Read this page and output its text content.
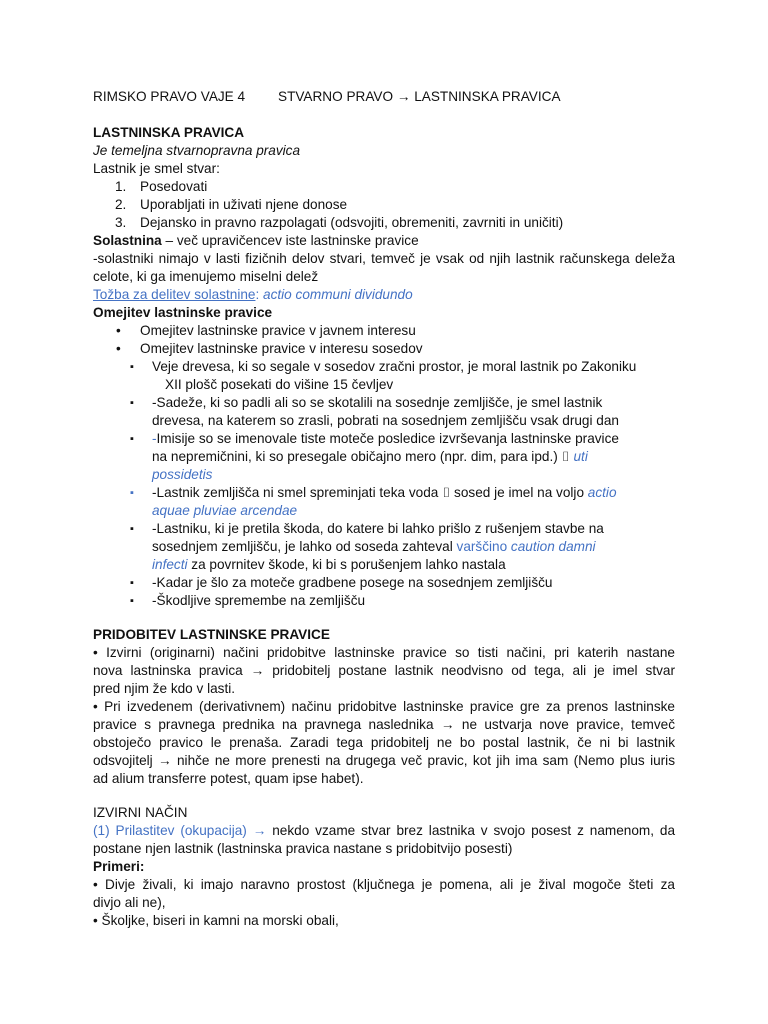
RIMSKO PRAVO VAJE 4 STVARNO PRAVO → LASTNINSKA PRAVICA
LASTNINSKA PRAVICA
Je temeljna stvarnopravna pravica
Lastnik je smel stvar:
1. Posedovati
2. Uporabljati in uživati njene donose
3. Dejansko in pravno razpolagati (odsvojiti, obremeniti, zavrniti in uničiti)
Solastnina – več upravičencev iste lastninske pravice
-solastniki nimajo v lasti fizičnih delov stvari, temveč je vsak od njih lastnik računskega deleža
celote, ki ga imenujemo miselni delež
Tožba za delitev solastnine: actio communi dividundo
Omejitev lastninske pravice
• Omejitev lastninske pravice v javnem interesu
• Omejitev lastninske pravice v interesu sosedov
▪ Veje drevesa, ki so segale v sosedov zračni prostor, je moral lastnik po Zakoniku
XII plošč posekati do višine 15 čevljev
▪ -Sadeže, ki so padli ali so se skotalili na sosednje zemljišče, je smel lastnik
drevesa, na katerem so zrasli, pobrati na sosednjem zemljišču vsak drugi dan
▪ -Imisije so se imenovale tiste moteče posledice izvrševanja lastninske pravice
na nepremičnini, ki so presegale običajno mero (npr. dim, para ipd.) ⌷ uti
possidetis
▪ -Lastnik zemljišča ni smel spreminjati teka voda ⌷ sosed je imel na voljo actio
aquae pluviae arcendae
▪ -Lastniku, ki je pretila škoda, do katere bi lahko prišlo z rušenjem stavbe na
sosednjem zemljišču, je lahko od soseda zahteval varščino caution damni
infecti za povrnitev škode, ki bi s porušenjem lahko nastala
▪ -Kadar je šlo za moteče gradbene posege na sosednjem zemljišču
▪ -Škodljive spremembe na zemljišču
PRIDOBITEV LASTNINSKE PRAVICE
• Izvirni (originarni) načini pridobitve lastninske pravice so tisti načini, pri katerih nastane
nova lastninska pravica → pridobitelj postane lastnik neodvisno od tega, ali je imel stvar
pred njim že kdo v lasti.
• Pri izvedenem (derivativnem) načinu pridobitve lastninske pravice gre za prenos lastninske
pravice s pravnega prednika na pravnega naslednika → ne ustvarja nove pravice, temveč
obstoječo pravico le prenaša. Zaradi tega pridobitelj ne bo postal lastnik, če ni bi lastnik
odsvojitelj → nihče ne more prenesti na drugega več pravic, kot jih ima sam (Nemo plus iuris
ad alium transferre potest, quam ipse habet).
IZVIRNI NAČIN
(1) Prilastitev (okupacija) → nekdo vzame stvar brez lastnika v svojo posest z namenom, da
postane njen lastnik (lastninska pravica nastane s pridobitvijo posesti)
Primeri:
• Divje živali, ki imajo naravno prostost (ključnega je pomena, ali je žival mogoče šteti za
divjo ali ne),
• Školjke, biseri in kamni na morski obali,
